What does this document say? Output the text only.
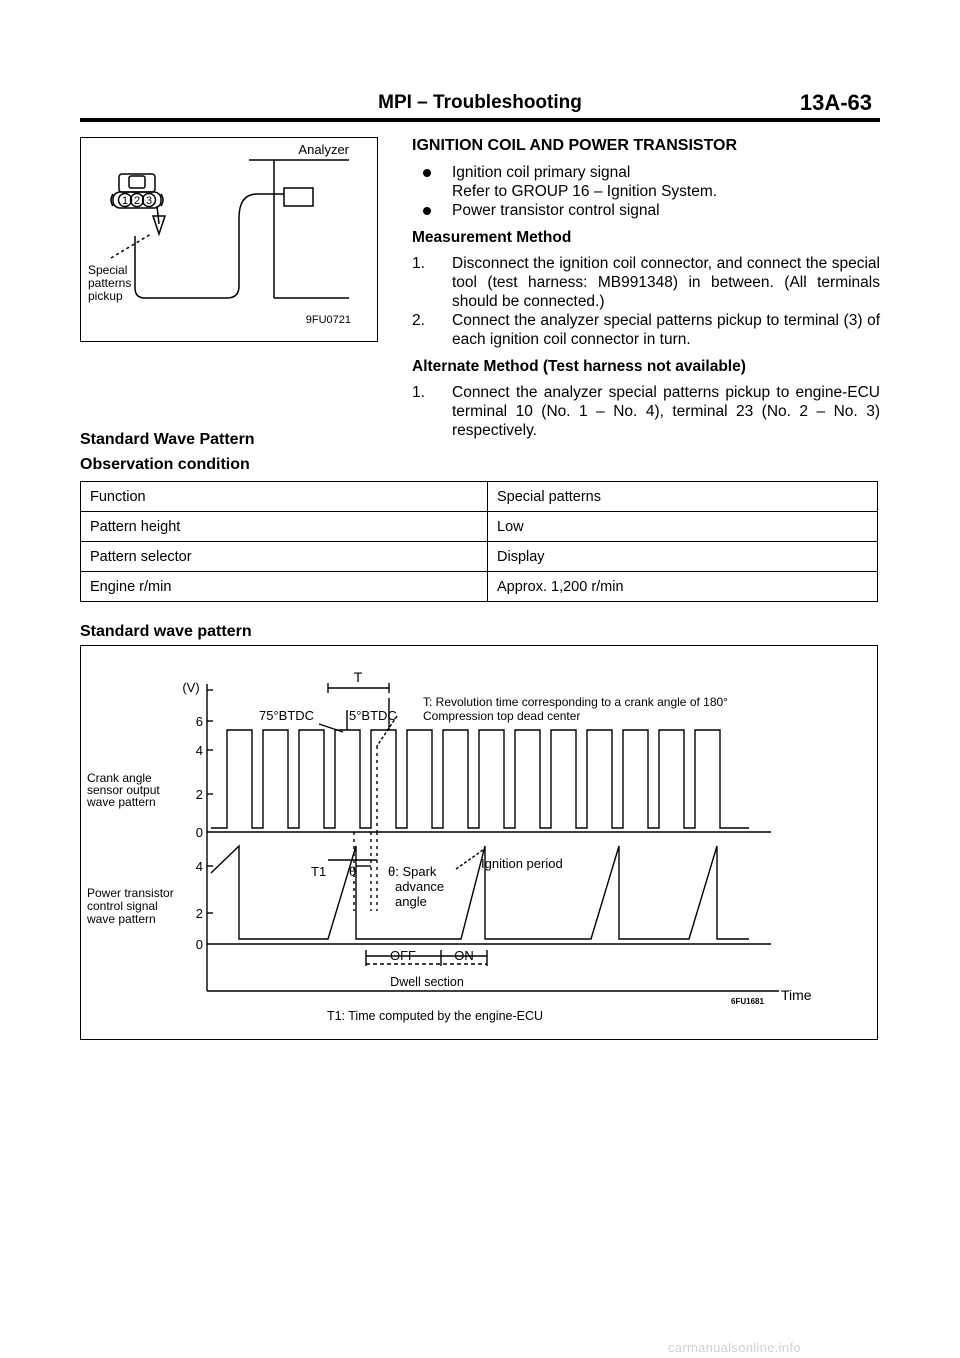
MPI – Troubleshooting	13A-63
Analyzer
1 2 3
Special
patterns
pickup
9FU0721
IGNITION COIL AND POWER TRANSISTOR
Ignition coil primary signal
Refer to GROUP 16 – Ignition System.
Power transistor control signal
Measurement Method
1. Disconnect the ignition coil connector, and connect the special tool (test harness: MB991348) in between. (All terminals should be connected.)
2. Connect the analyzer special patterns pickup to terminal (3) of each ignition coil connector in turn.
Alternate Method (Test harness not available)
1. Connect the analyzer special patterns pickup to engine-ECU terminal 10 (No. 1 – No. 4), terminal 23 (No. 2 – No. 3) respectively.
Standard Wave Pattern
Observation condition
Function	Special patterns
Pattern height	Low
Pattern selector	Display
Engine r/min	Approx. 1,200 r/min
Standard wave pattern
(V)
6
4
2
0
4
2
0
Crank angle
sensor output
wave pattern
Power transistor
control signal
wave pattern
T
T: Revolution time corresponding to a crank angle of 180°
Compression top dead center
75°BTDC	5°BTDC
Ignition period
T1 θ θ: Spark
advance
angle
OFF	ON
Dwell section
Time
T1: Time computed by the engine-ECU
6FU1681
carmanualsonline.info
